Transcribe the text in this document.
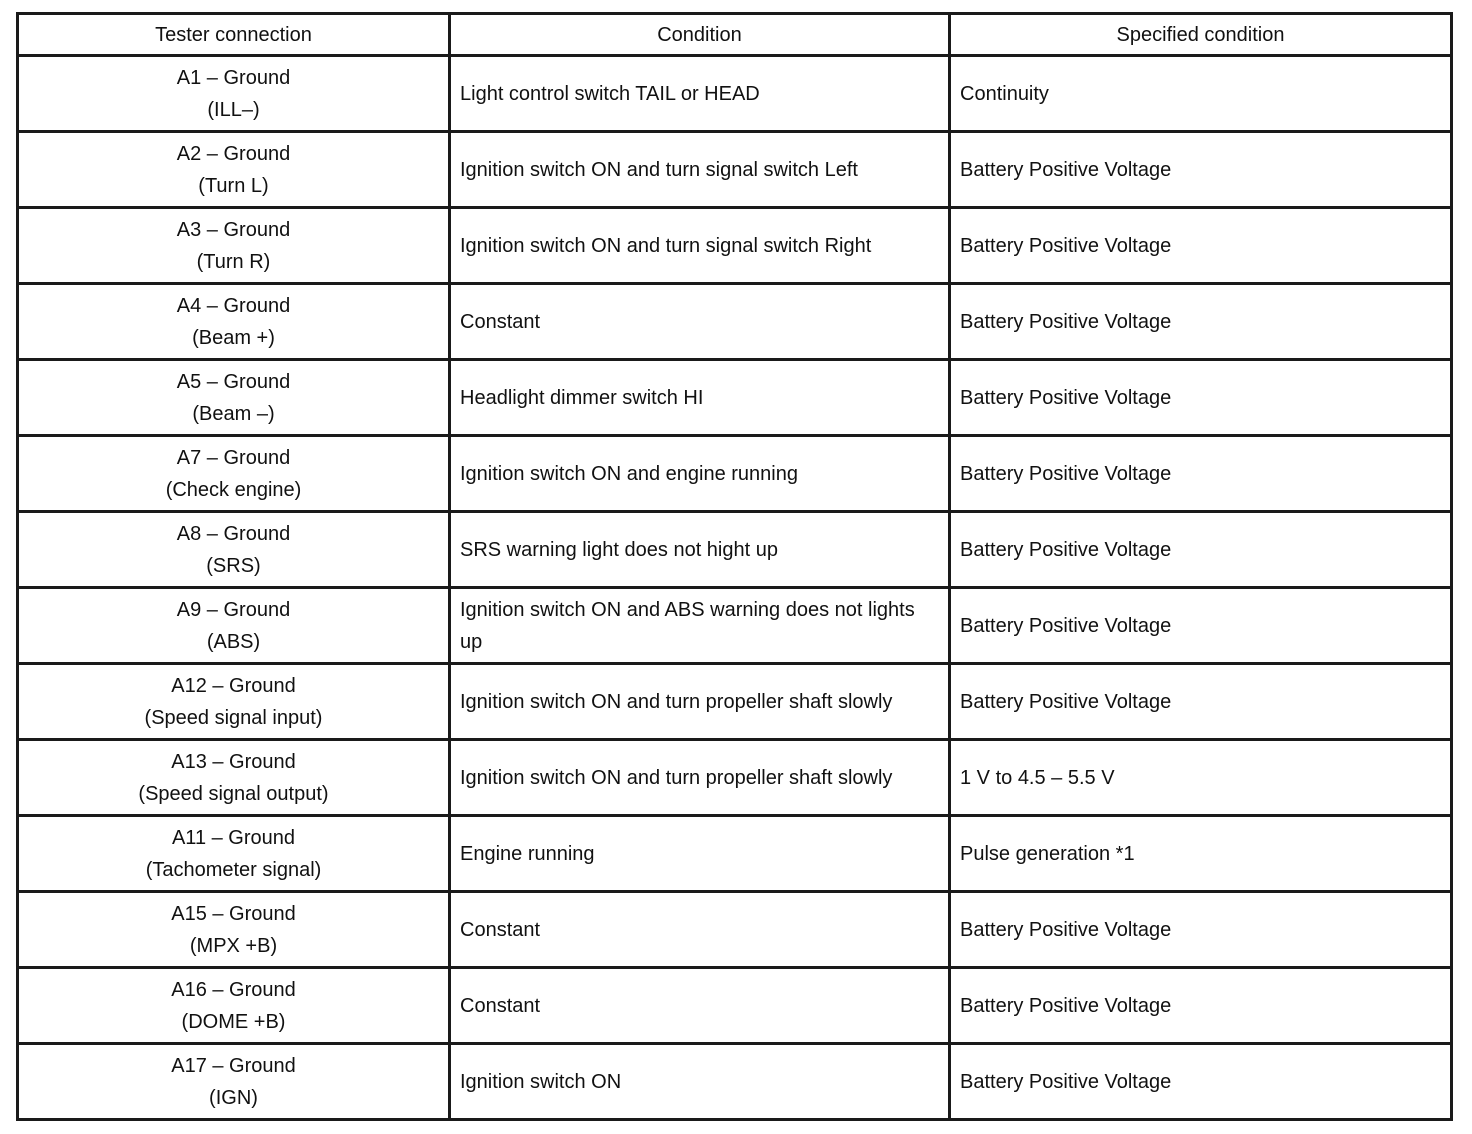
Tester connection	Condition	Specified condition

A1 – Ground
(ILL–)	Light control switch TAIL or HEAD	Continuity

A2 – Ground
(Turn L)	Ignition switch ON and turn signal switch Left	Battery Positive Voltage

A3 – Ground
(Turn R)	Ignition switch ON and turn signal switch Right	Battery Positive Voltage

A4 – Ground
(Beam +)	Constant	Battery Positive Voltage

A5 – Ground
(Beam –)	Headlight dimmer switch HI	Battery Positive Voltage

A7 – Ground
(Check engine)	Ignition switch ON and engine running	Battery Positive Voltage

A8 – Ground
(SRS)	SRS warning light does not hight up	Battery Positive Voltage

A9 – Ground
(ABS)	Ignition switch ON and ABS warning does not lights up	Battery Positive Voltage

A12 – Ground
(Speed signal input)	Ignition switch ON and turn propeller shaft slowly	Battery Positive Voltage

A13 – Ground
(Speed signal output)	Ignition switch ON and turn propeller shaft slowly	1 V to 4.5 – 5.5 V

A11 – Ground
(Tachometer signal)	Engine running	Pulse generation *1

A15 – Ground
(MPX +B)	Constant	Battery Positive Voltage

A16 – Ground
(DOME +B)	Constant	Battery Positive Voltage

A17 – Ground
(IGN)	Ignition switch ON	Battery Positive Voltage
